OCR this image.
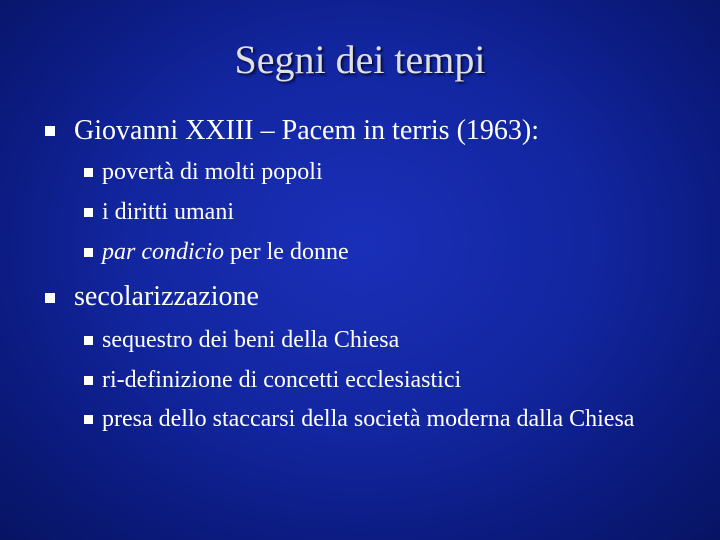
Segni dei tempi
Giovanni XXIII – Pacem in terris (1963):
povertà di molti popoli
i diritti umani
par condicio per le donne
secolarizzazione
sequestro dei beni della Chiesa
ri-definizione di concetti ecclesiastici
presa dello staccarsi della società moderna dalla Chiesa
